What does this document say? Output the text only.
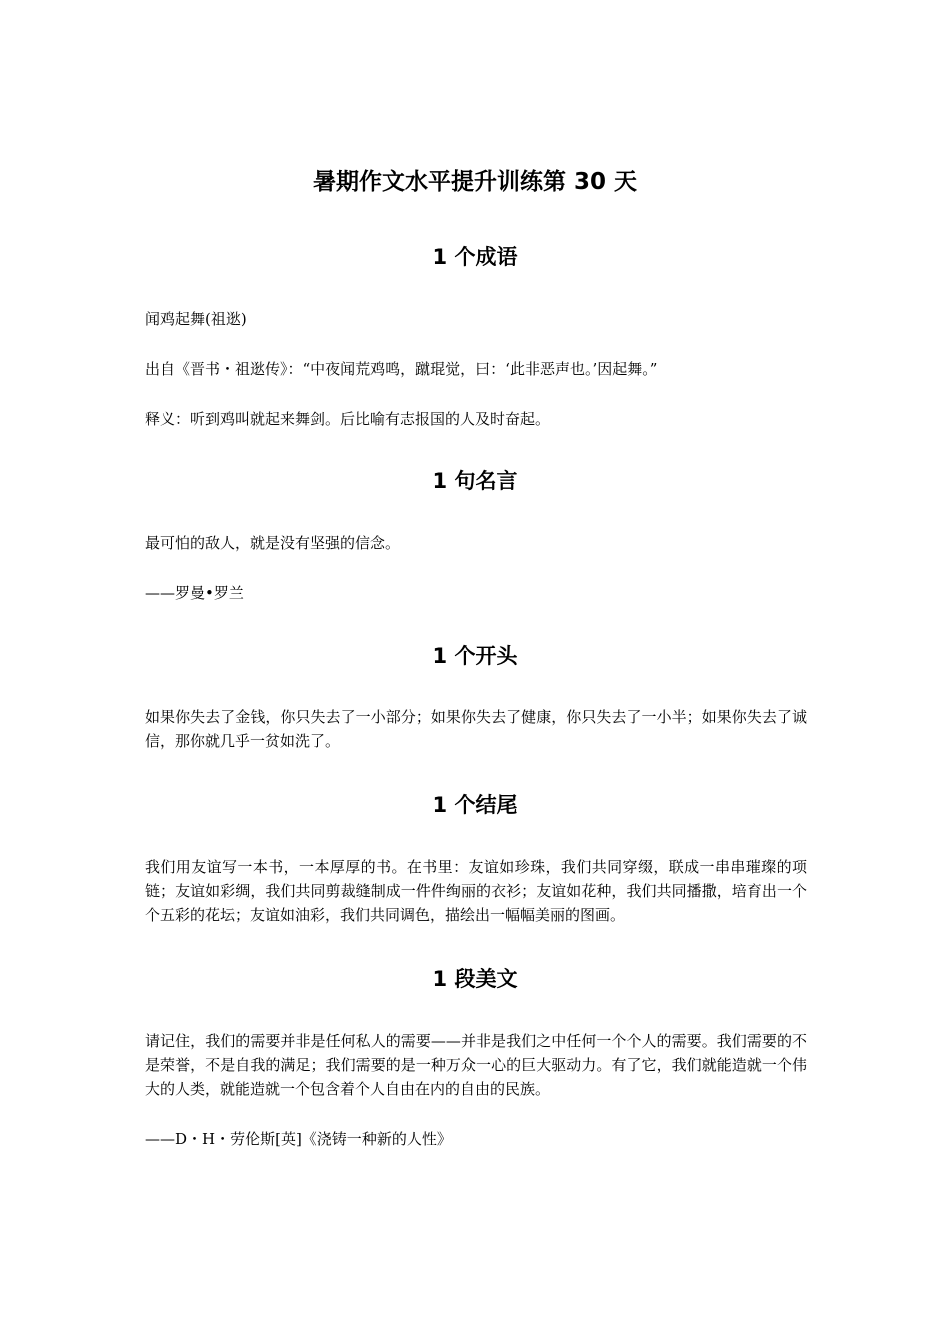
暑期作文水平提升训练第 30 天
1 个成语

闻鸡起舞(祖逖)

出自《晋书・祖逖传》：“中夜闻荒鸡鸣，蹴琨觉，曰：‘此非恶声也。’因起舞。”

释义：听到鸡叫就起来舞剑。后比喻有志报国的人及时奋起。

1 句名言

最可怕的敌人，就是没有坚强的信念。

——罗曼•罗兰

1 个开头

如果你失去了金钱，你只失去了一小部分；如果你失去了健康，你只失去了一小半；如果你失去了诚信，那你就几乎一贫如洗了。

1 个结尾

我们用友谊写一本书，一本厚厚的书。在书里：友谊如珍珠，我们共同穿缀，联成一串串璀璨的项链；友谊如彩绸，我们共同剪裁缝制成一件件绚丽的衣衫；友谊如花种，我们共同播撒，培育出一个个五彩的花坛；友谊如油彩，我们共同调色，描绘出一幅幅美丽的图画。

1 段美文

请记住，我们的需要并非是任何私人的需要——并非是我们之中任何一个个人的需要。我们需要的不是荣誉，不是自我的满足；我们需要的是一种万众一心的巨大驱动力。有了它，我们就能造就一个伟大的人类，就能造就一个包含着个人自由在内的自由的民族。

——D・H・劳伦斯[英]《浇铸一种新的人性》
